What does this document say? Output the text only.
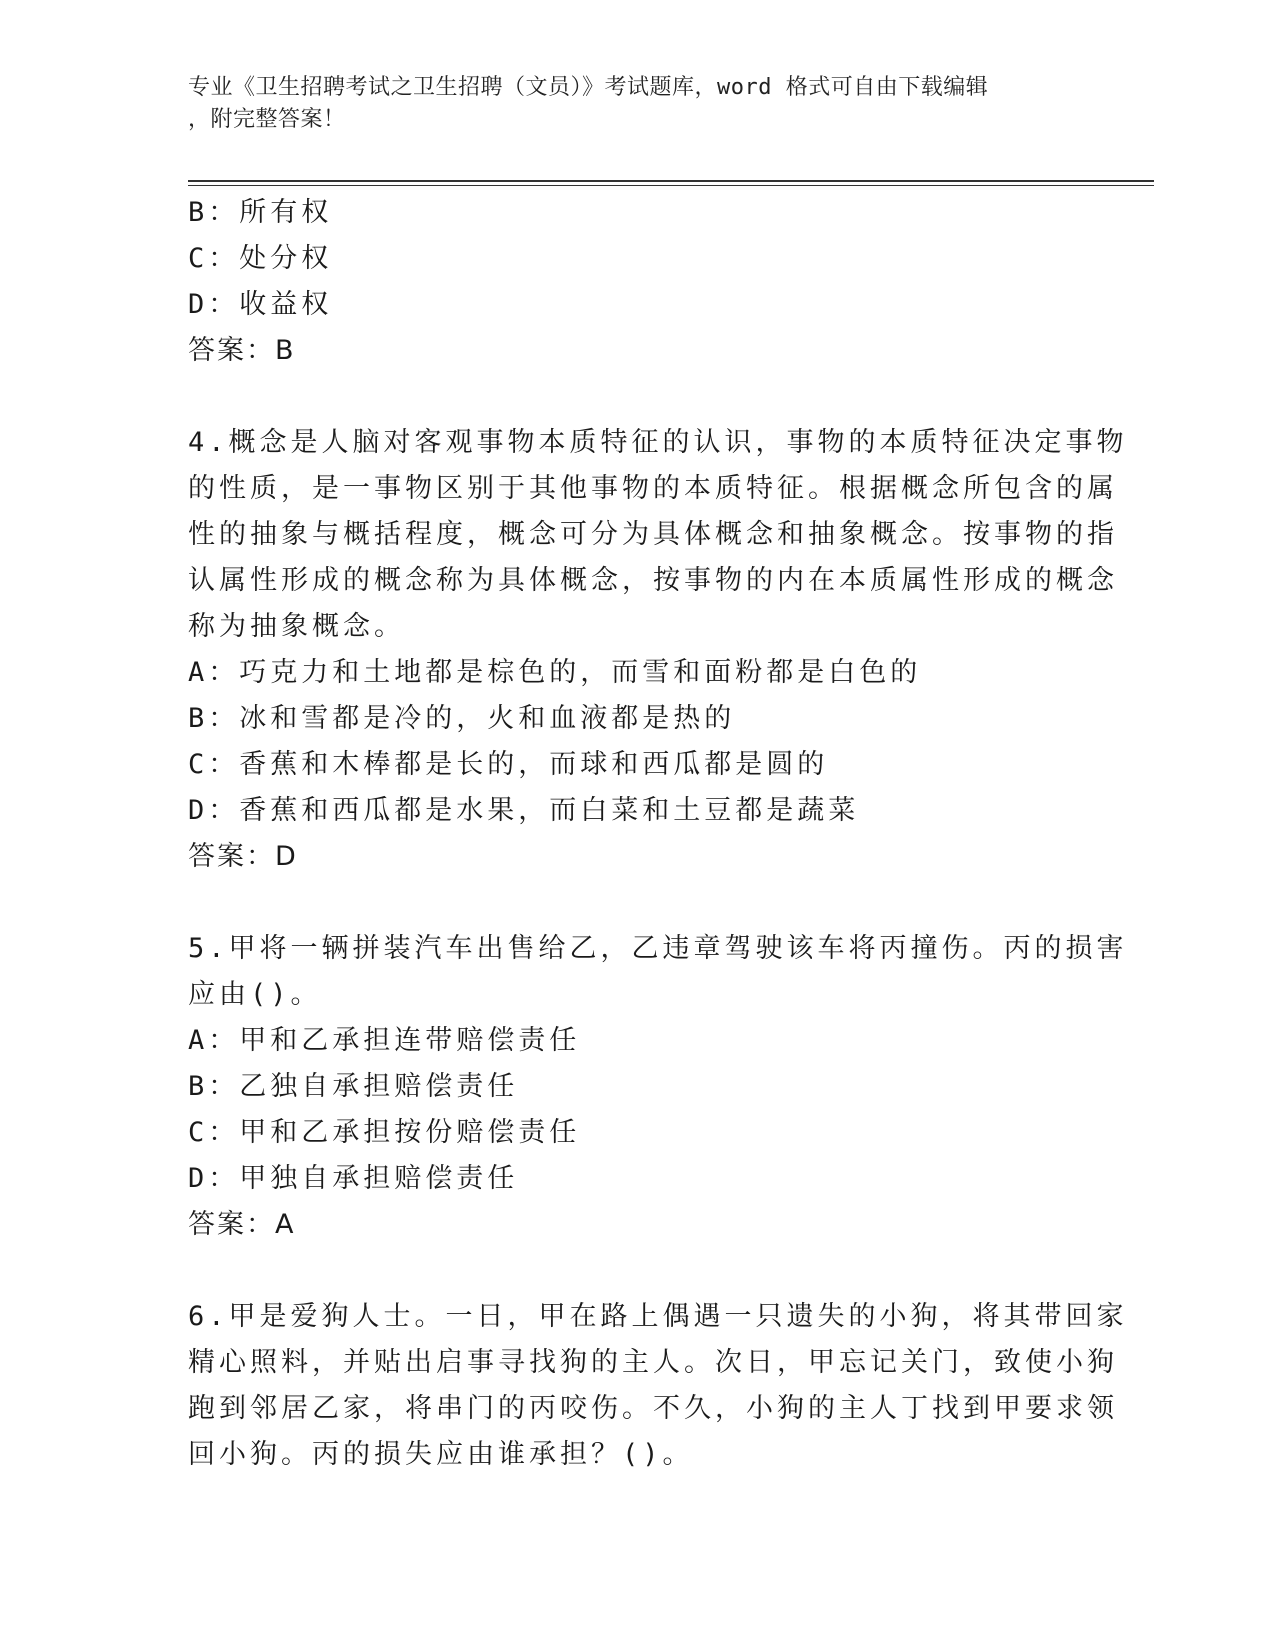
专业《卫生招聘考试之卫生招聘（文员）》考试题库，word 格式可自由下载编辑
，附完整答案！
B：所有权
C：处分权
D：收益权
答案：B
4.概念是人脑对客观事物本质特征的认识，事物的本质特征决定事物
的性质，是一事物区别于其他事物的本质特征。根据概念所包含的属
性的抽象与概括程度，概念可分为具体概念和抽象概念。按事物的指
认属性形成的概念称为具体概念，按事物的内在本质属性形成的概念
称为抽象概念。
A：巧克力和土地都是棕色的，而雪和面粉都是白色的
B：冰和雪都是冷的，火和血液都是热的
C：香蕉和木棒都是长的，而球和西瓜都是圆的
D：香蕉和西瓜都是水果，而白菜和土豆都是蔬菜
答案：D
5.甲将一辆拼装汽车出售给乙，乙违章驾驶该车将丙撞伤。丙的损害
应由()。
A：甲和乙承担连带赔偿责任
B：乙独自承担赔偿责任
C：甲和乙承担按份赔偿责任
D：甲独自承担赔偿责任
答案：A
6.甲是爱狗人士。一日，甲在路上偶遇一只遗失的小狗，将其带回家
精心照料，并贴出启事寻找狗的主人。次日，甲忘记关门，致使小狗
跑到邻居乙家，将串门的丙咬伤。不久，小狗的主人丁找到甲要求领
回小狗。丙的损失应由谁承担？()。
